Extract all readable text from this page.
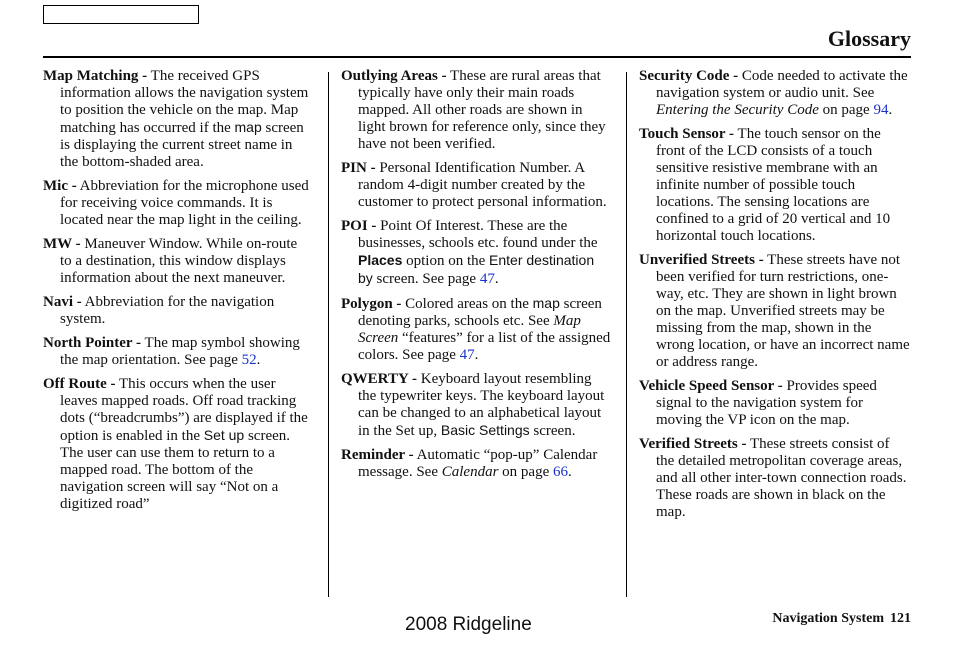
Glossary
Map Matching - The received GPS information allows the navigation system to position the vehicle on the map. Map matching has occurred if the map screen is displaying the current street name in the bottom-shaded area.
Mic - Abbreviation for the microphone used for receiving voice commands. It is located near the map light in the ceiling.
MW - Maneuver Window. While on-route to a destination, this window displays information about the next maneuver.
Navi - Abbreviation for the navigation system.
North Pointer - The map symbol showing the map orientation. See page 52.
Off Route - This occurs when the user leaves mapped roads. Off road tracking dots (“breadcrumbs”) are displayed if the option is enabled in the Set up screen. The user can use them to return to a mapped road. The bottom of the navigation screen will say “Not on a digitized road”
Outlying Areas - These are rural areas that typically have only their main roads mapped. All other roads are shown in light brown for reference only, since they have not been verified.
PIN - Personal Identification Number. A random 4-digit number created by the customer to protect personal information.
POI - Point Of Interest. These are the businesses, schools etc. found under the Places option on the Enter destination by screen. See page 47.
Polygon - Colored areas on the map screen denoting parks, schools etc. See Map Screen “features” for a list of the assigned colors. See page 47.
QWERTY - Keyboard layout resembling the typewriter keys. The keyboard layout can be changed to an alphabetical layout in the Set up, Basic Settings screen.
Reminder - Automatic “pop-up” Calendar message. See Calendar on page 66.
Security Code - Code needed to activate the navigation system or audio unit. See Entering the Security Code on page 94.
Touch Sensor - The touch sensor on the front of the LCD consists of a touch sensitive resistive membrane with an infinite number of possible touch locations. The sensing locations are confined to a grid of 20 vertical and 10 horizontal touch locations.
Unverified Streets - These streets have not been verified for turn restrictions, one-way, etc. They are shown in light brown on the map. Unverified streets may be missing from the map, shown in the wrong location, or have an incorrect name or address range.
Vehicle Speed Sensor - Provides speed signal to the navigation system for moving the VP icon on the map.
Verified Streets - These streets consist of the detailed metropolitan coverage areas, and all other inter-town connection roads. These roads are shown in black on the map.
2008 Ridgeline	Navigation System 121
